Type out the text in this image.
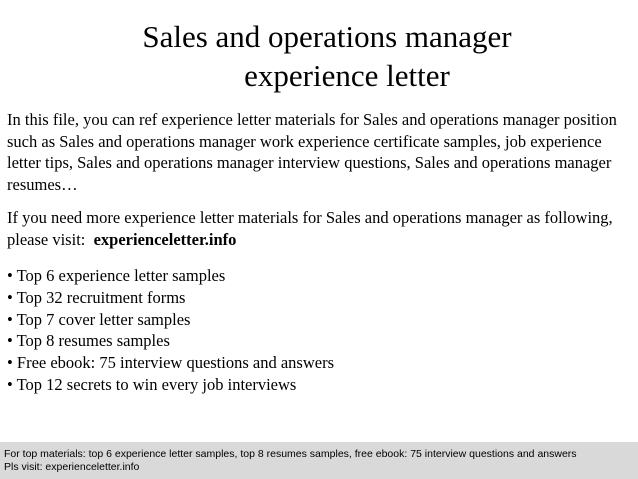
Sales and operations manager
experience letter
In this file, you can ref experience letter materials for Sales and operations manager position such as Sales and operations manager work experience certificate samples, job experience letter tips, Sales and operations manager interview questions, Sales and operations manager resumes…
If you need more experience letter materials for Sales and operations manager as following, please visit: experienceletter.info
• Top 6 experience letter samples
• Top 32 recruitment forms
• Top 7 cover letter samples
• Top 8 resumes samples
• Free ebook: 75 interview questions and answers
• Top 12 secrets to win every job interviews
For top materials: top 6 experience letter samples, top 8 resumes samples, free ebook: 75 interview questions and answers
Pls visit: experienceletter.info
